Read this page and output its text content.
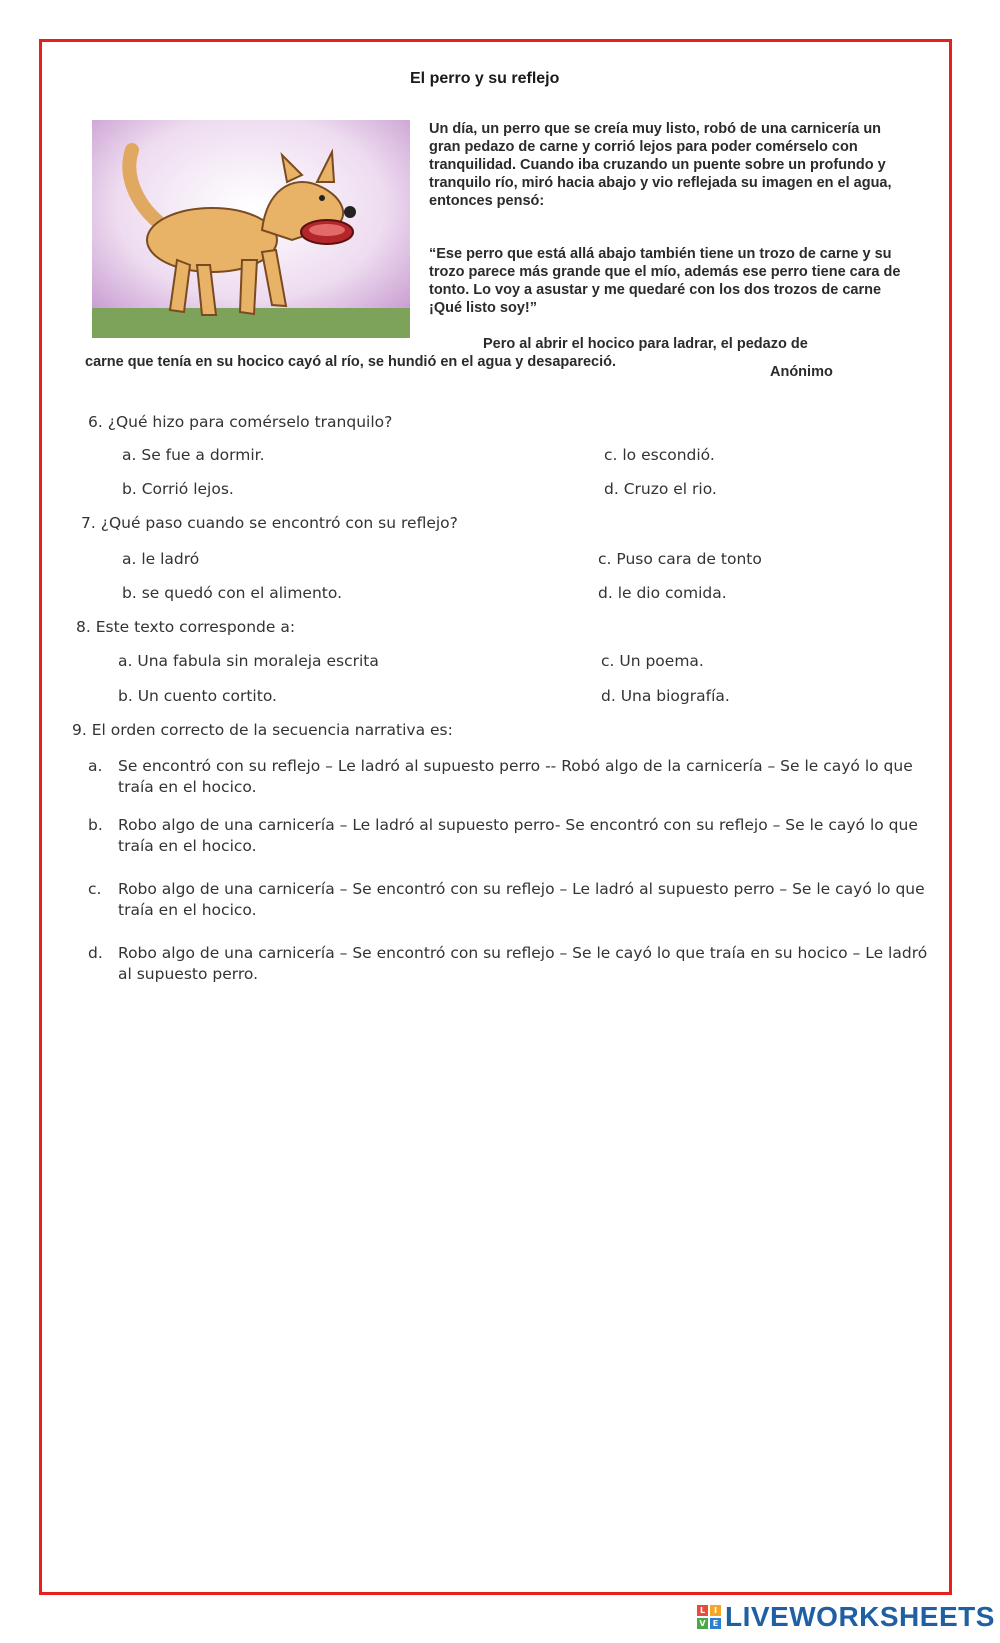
El perro y su reflejo
Un día, un perro que se creía muy listo, robó de una carnicería un gran pedazo de carne y corrió lejos para poder comérselo con tranquilidad. Cuando iba cruzando un puente sobre un profundo y tranquilo río, miró hacia abajo y vio reflejada su imagen en el agua, entonces pensó:
“Ese perro que está allá abajo también tiene un trozo de carne y su trozo parece más grande que el mío, además ese perro tiene cara de tonto. Lo voy a asustar y me quedaré con los dos trozos de carne ¡Qué listo soy!”
Pero al abrir el hocico para ladrar, el pedazo de
carne que tenía en su hocico cayó al río, se hundió en el agua y desapareció.
Anónimo
6. ¿Qué hizo para comérselo tranquilo?
a. Se fue a dormir.	c. lo escondió.
b. Corrió lejos.	d. Cruzo el rio.
7. ¿Qué paso cuando se encontró con su reflejo?
a. le ladró	c. Puso cara de tonto
b. se quedó con el alimento.	d. le dio comida.
8. Este texto corresponde a:
a. Una fabula sin moraleja escrita	c. Un poema.
b. Un cuento cortito.	d. Una biografía.
9. El orden correcto de la secuencia narrativa es:
a. Se encontró con su reflejo – Le ladró al supuesto perro -- Robó algo de la carnicería – Se le cayó lo que traía en el hocico.
b. Robo algo de una carnicería – Le ladró al supuesto perro- Se encontró con su reflejo – Se le cayó lo que traía en el hocico.
c. Robo algo de una carnicería – Se encontró con su reflejo – Le ladró al supuesto perro – Se le cayó lo que traía en el hocico.
d. Robo algo de una carnicería – Se encontró con su reflejo – Se le cayó lo que traía en su hocico – Le ladró al supuesto perro.
L	I
V E LIVEWORKSHEETS
